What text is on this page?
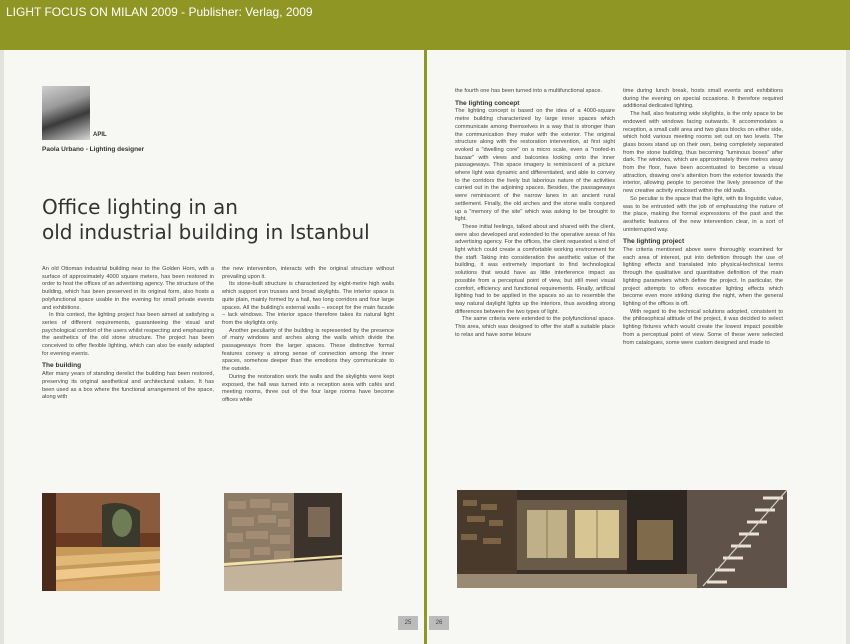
LIGHT FOCUS ON MILAN 2009 - Publisher: Verlag, 2009
APIL
Paola Urbano - Lighting designer
Office lighting in an
old industrial building in Istanbul

An old Ottoman industrial building near to the Golden Horn, with a surface of approximately 4000 square meters, has been restored in order to host the offices of an advertising agency. The structure of the building, which has been preserved in its original form, also hosts a polyfunctional space usable in the evening for small private events and exhibitions.

In this context, the lighting project has been aimed at satisfying a series of different requirements, guaranteeing the visual and psychological comfort of the users whilst respecting and emphasizing the aesthetics of the old stone structure. The project has been conceived to offer flexible lighting, which can also be easily adapted for evening events.

The building

After many years of standing derelict the building has been restored, preserving its original aesthetical and architectural values. It has been used as a box where the functional arrangement of the space, along with

the new intervention, interacts with the original structure without prevailing upon it.

Its stone-built structure is characterized by eight-metre high walls which support iron trusses and broad skylights. The interior space is quite plain, mainly formed by a hall, two long corridors and four large spaces. All the building's external walls – except for the main facade – lack windows. The interior space therefore takes its natural light from the skylights only.

Another peculiarity of the building is represented by the presence of many windows and arches along the walls which divide the passageways from the larger spaces. These distinctive formal features convey a strong sense of connection among the inner spaces, somehow deeper than the emotions they communicate to the outside.

During the restoration work the walls and the skylights were kept exposed, the hall was turned into a reception area with cafés and meeting rooms, three out of the four large rooms have become offices while

25

the fourth one has been turned into a multifunctional space.

The lighting concept

The lighting concept is based on the idea of a 4000-square metre building characterized by large inner spaces which communicate among themselves in a way that is stronger than the communication they make with the exterior. The original structure along with the restoration intervention, at first sight evoked a "dwelling core" on a micro scale, even a "roofed-in bazaar" with views and balconies looking onto the inner passageways. This space imagery is reminiscent of a picture where light was dynamic and differentiated, and able to convey to the corridors the lively but laborious nature of the activities carried out in the adjoining spaces. Besides, the passageways were reminiscent of the narrow lanes in an ancient rural settlement. Finally, the old arches and the stone walls conjured up a "memory of the site" which was asking to be brought to light.

These initial feelings, talked about and shared with the client, were also developed and extended to the operative areas of his advertising agency. For the offices, the client requested a kind of light which could create a comfortable working environment for the staff. Taking into consideration the aesthetic value of the building, it was extremely important to find technological solutions that would have as little interference impact as possible from a perceptual point of view, but still meet visual comfort, efficiency and functional requirements. Finally, artificial lighting had to be applied in the spaces so as to resemble the way natural daylight lights up the interiors, thus avoiding strong differences between the two types of light.

The same criteria were extended to the polyfunctional space. This area, which was designed to offer the staff a suitable place to relax and have some leisure

time during lunch break, hosts small events and exhibitions during the evening on special occasions. It therefore required additional dedicated lighting.

The hall, also featuring wide skylights, is the only space to be endowed with windows facing outwards. It accommodates a reception, a small café area and two glass blocks on either side, which hold various meeting rooms set out on two levels. The glass boxes stand up on their own, being completely separated from the stone building, thus becoming "luminous boxes" after dark. The windows, which are approximately three metres away from the floor, have been accentuated to become a visual attraction, drawing one's attention from the exterior towards the interior, allowing people to perceive the lively presence of the new creative activity enclosed within the old walls.

So peculiar is the space that the light, with its linguistic value, was to be entrusted with the job of emphasizing the nature of the place, making the formal expressions of the past and the aesthetic features of the new intervention clear, in a sort of uninterrupted way.

The lighting project

The criteria mentioned above were thoroughly examined for each area of interest, put into definition through the use of lighting effects and translated into physical-technical terms through the qualitative and quantitative definition of the main lighting parameters which define the project. In particular, the project attempts to offers evocative lighting effects which become even more striking during the night, when the general lighting of the offices is off.

With regard to the technical solutions adopted, consistent to the philosophical attitude of the project, it was decided to select lighting fixtures which would create the lowest impact possible from a perceptual point of view. Some of these were selected from catalogues, some were custom designed and made to

26
